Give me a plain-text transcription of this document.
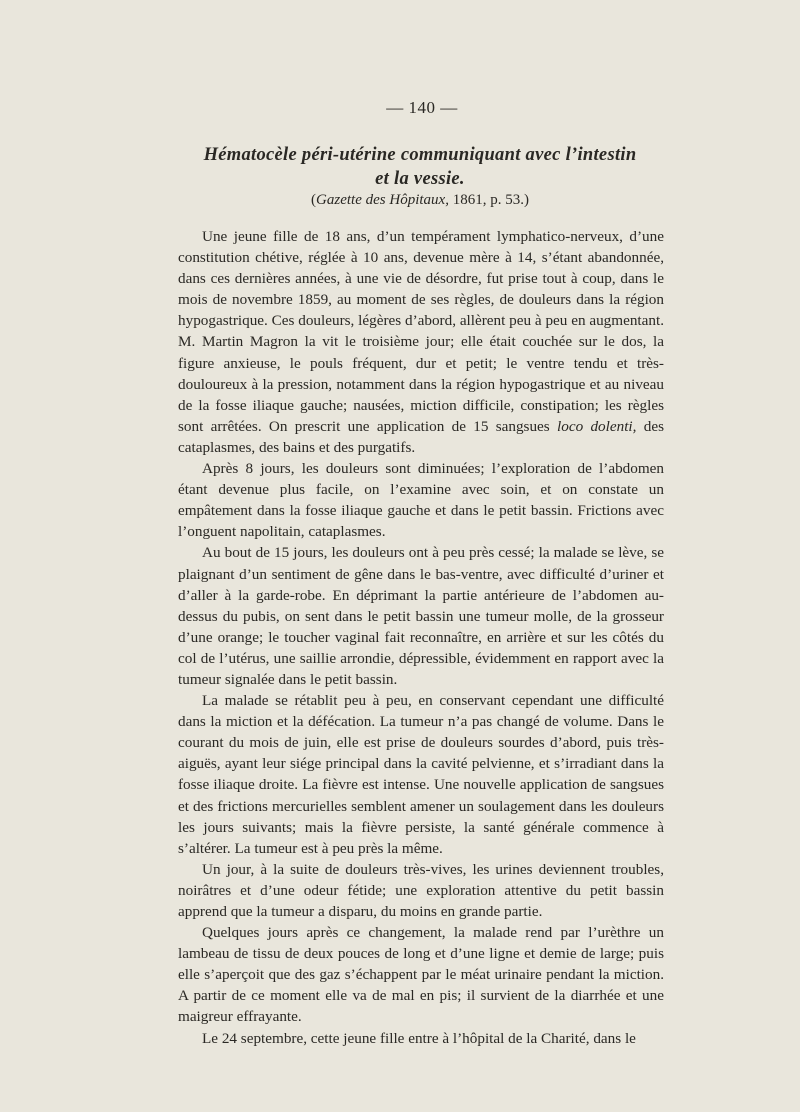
— 140 —
Hématocèle péri-utérine communiquant avec l’intestin
et la vessie.
(Gazette des Hôpitaux, 1861, p. 53.)

Une jeune fille de 18 ans, d’un tempérament lymphatico-nerveux, d’une constitution chétive, réglée à 10 ans, devenue mère à 14, s’étant abandonnée, dans ces dernières années, à une vie de désordre, fut prise tout à coup, dans le mois de novembre 1859, au moment de ses règles, de douleurs dans la région hypogastrique. Ces douleurs, légères d’abord, allèrent peu à peu en augmentant. M. Martin Magron la vit le troisième jour; elle était couchée sur le dos, la figure anxieuse, le pouls fréquent, dur et petit; le ventre tendu et très-douloureux à la pression, notamment dans la région hypogastrique et au niveau de la fosse iliaque gauche; nausées, miction difficile, constipation; les règles sont arrêtées. On prescrit une application de 15 sangsues loco dolenti, des cataplasmes, des bains et des purgatifs.

Après 8 jours, les douleurs sont diminuées; l’exploration de l’abdomen étant devenue plus facile, on l’examine avec soin, et on constate un empâtement dans la fosse iliaque gauche et dans le petit bassin. Frictions avec l’onguent napolitain, cataplasmes.

Au bout de 15 jours, les douleurs ont à peu près cessé; la malade se lève, se plaignant d’un sentiment de gêne dans le bas-ventre, avec difficulté d’uriner et d’aller à la garde-robe. En déprimant la partie antérieure de l’abdomen au-dessus du pubis, on sent dans le petit bassin une tumeur molle, de la grosseur d’une orange; le toucher vaginal fait reconnaître, en arrière et sur les côtés du col de l’utérus, une saillie arrondie, dépressible, évidemment en rapport avec la tumeur signalée dans le petit bassin.

La malade se rétablit peu à peu, en conservant cependant une difficulté dans la miction et la défécation. La tumeur n’a pas changé de volume. Dans le courant du mois de juin, elle est prise de douleurs sourdes d’abord, puis très-aiguës, ayant leur siége principal dans la cavité pelvienne, et s’irradiant dans la fosse iliaque droite. La fièvre est intense. Une nouvelle application de sangsues et des frictions mercurielles semblent amener un soulagement dans les douleurs les jours suivants; mais la fièvre persiste, la santé générale commence à s’altérer. La tumeur est à peu près la même.

Un jour, à la suite de douleurs très-vives, les urines deviennent troubles, noirâtres et d’une odeur fétide; une exploration attentive du petit bassin apprend que la tumeur a disparu, du moins en grande partie.

Quelques jours après ce changement, la malade rend par l’urèthre un lambeau de tissu de deux pouces de long et d’une ligne et demie de large; puis elle s’aperçoit que des gaz s’échappent par le méat urinaire pendant la miction. A partir de ce moment elle va de mal en pis; il survient de la diarrhée et une maigreur effrayante.

Le 24 septembre, cette jeune fille entre à l’hôpital de la Charité, dans le
